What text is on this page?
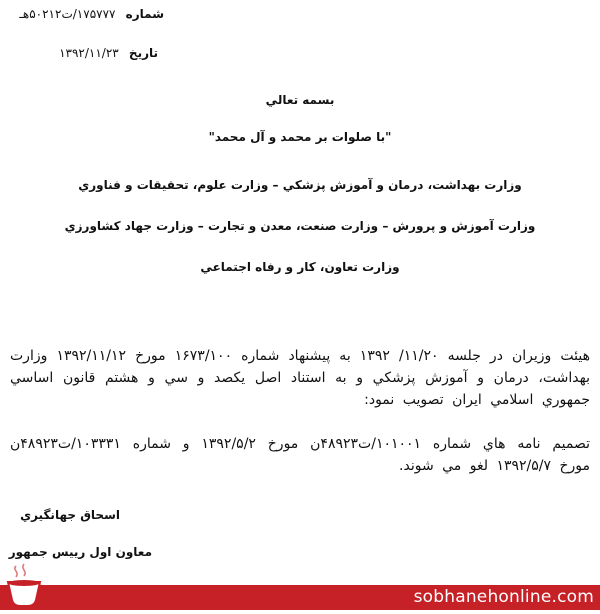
شماره ۱۷۵۷۷۷/ت۵۰۲۱۲هـ
تاريخ ۱۳۹۲/۱۱/۲۳
بسمه تعالي
"با صلوات بر محمد و آل محمد"
وزارت بهداشت، درمان و آموزش پزشکي – وزارت علوم، تحقيقات و فناوري
وزارت آموزش و پرورش – وزارت صنعت، معدن و تجارت – وزارت جهاد کشاورزي
وزارت تعاون، کار و رفاه اجتماعي
هيئت وزيران در جلسه ۱۱/۲۰/ ۱۳۹۲ به پيشنهاد شماره ۱۶۷۳/۱۰۰ مورخ ۱۳۹۲/۱۱/۱۲ وزارت بهداشت، درمان و آموزش پزشکي و به استناد اصل يکصد و سي و هشتم قانون اساسي جمهوري اسلامي ايران تصويب نمود:
تصميم نامه هاي شماره ۱۰۱۰۰۱/ت۴۸۹۲۳ن مورخ ۱۳۹۲/۵/۲ و شماره ۱۰۳۳۳۱/ت۴۸۹۲۳ن مورخ ۱۳۹۲/۵/۷ لغو مي شوند.
اسحاق جهانگيري
معاون اول رييس جمهور
sobhanehonline.com
